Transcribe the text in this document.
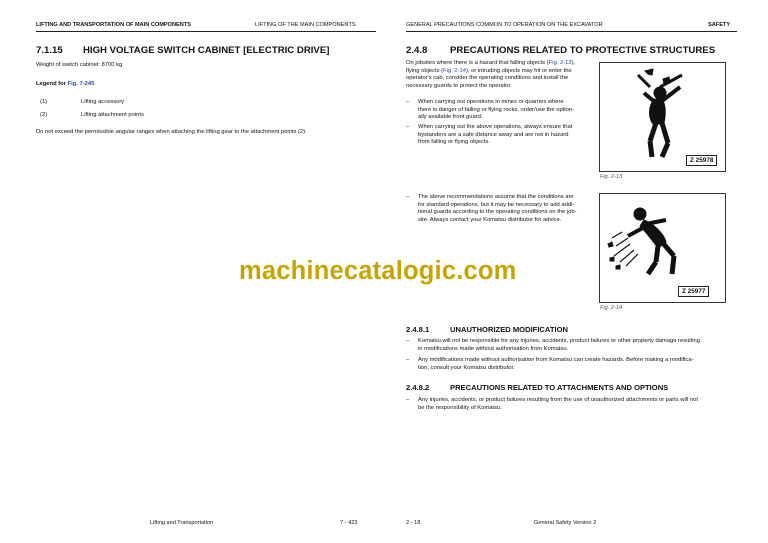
LIFTING AND TRANSPORTATION OF MAIN COMPONENTS	LIFTING OF THE MAIN COMPONENTS
7.1.15 HIGH VOLTAGE SWITCH CABINET [ELECTRIC DRIVE]
Weight of switch cabinet: 8700 kg
Legend for Fig. 7-245
(1)	Lifting accessory
(2)	Lifting attachment points
Do not exceed the permissible angular ranges when attaching the lifting gear to the attachment points (2).
Lifting and Transportation	7 - 423
GENERAL PRECAUTIONS COMMON TO OPERATION ON THE EXCAVATOR	SAFETY
2.4.8 PRECAUTIONS RELATED TO PROTECTIVE STRUCTURES
On jobsites where there is a hazard that falling objects (Fig. 2-13),
flying objects (Fig. 2-14), or intruding objects may hit or enter the
operator's cab, consider the operating conditions and install the
necessary guards to protect the operator.
– When carrying out operations in mines or quarries where
there is danger of falling or flying rocks, order/use the option-
ally available front guard.
– When carrying out the above operations, always ensure that
bystanders are a safe distance away and are not in hazard
from falling or flying objects.
Z 25978
Fig. 2-13
– The above recommendations assume that the conditions are
for standard operations, but it may be necessary to add addi-
tional guards according to the operating conditions on the job-
site. Always contact your Komatsu distributor for advice.
Z 25977
Fig. 2-14
2.4.8.1	UNAUTHORIZED MODIFICATION
– Komatsu will not be responsible for any injuries, accidents, product failures or other property damage resulting
in modifications made without authorisation from Komatsu.
– Any modifications made without authorisation from Komatsu can create hazards. Before making a modifica-
tion, consult your Komatsu distributor.
2.4.8.2	PRECAUTIONS RELATED TO ATTACHMENTS AND OPTIONS
– Any injuries, accidents, or product failures resulting from the use of unauthorized attachments or parts will not
be the responsibility of Komatsu.
2 - 18	General Safety Version 2
machinecatalogic.com
